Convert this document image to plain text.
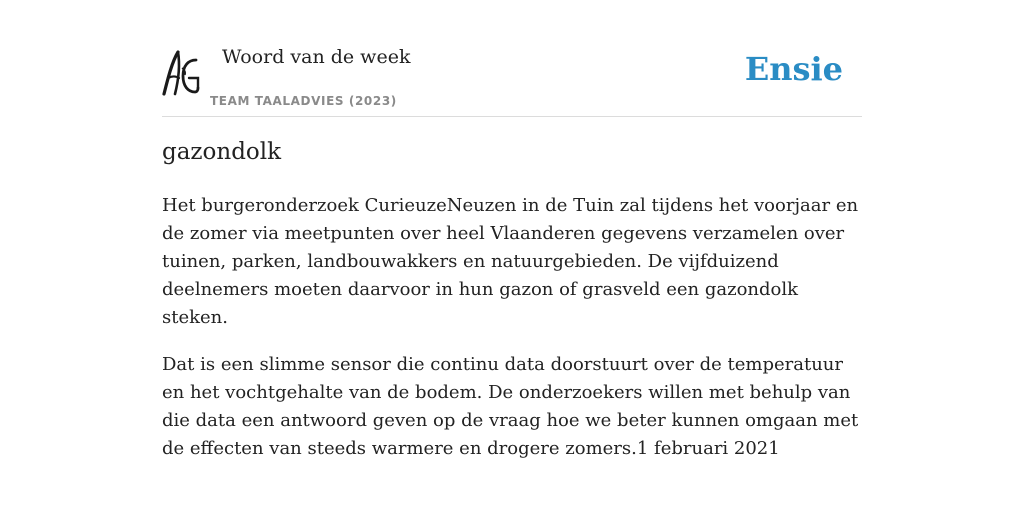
Woord van de week
TEAM TAALADVIES (2023)
Ensie
gazondolk

Het burgeronderzoek CurieuzeNeuzen in de Tuin zal tijdens het voorjaar en de zomer via meetpunten over heel Vlaanderen gegevens verzamelen over tuinen, parken, landbouwakkers en natuurgebieden. De vijfduizend deelnemers moeten daarvoor in hun gazon of grasveld een gazondolk steken.

Dat is een slimme sensor die continu data doorstuurt over de temperatuur en het vochtgehalte van de bodem. De onderzoekers willen met behulp van die data een antwoord geven op de vraag hoe we beter kunnen omgaan met de effecten van steeds warmere en drogere zomers.1 februari 2021
